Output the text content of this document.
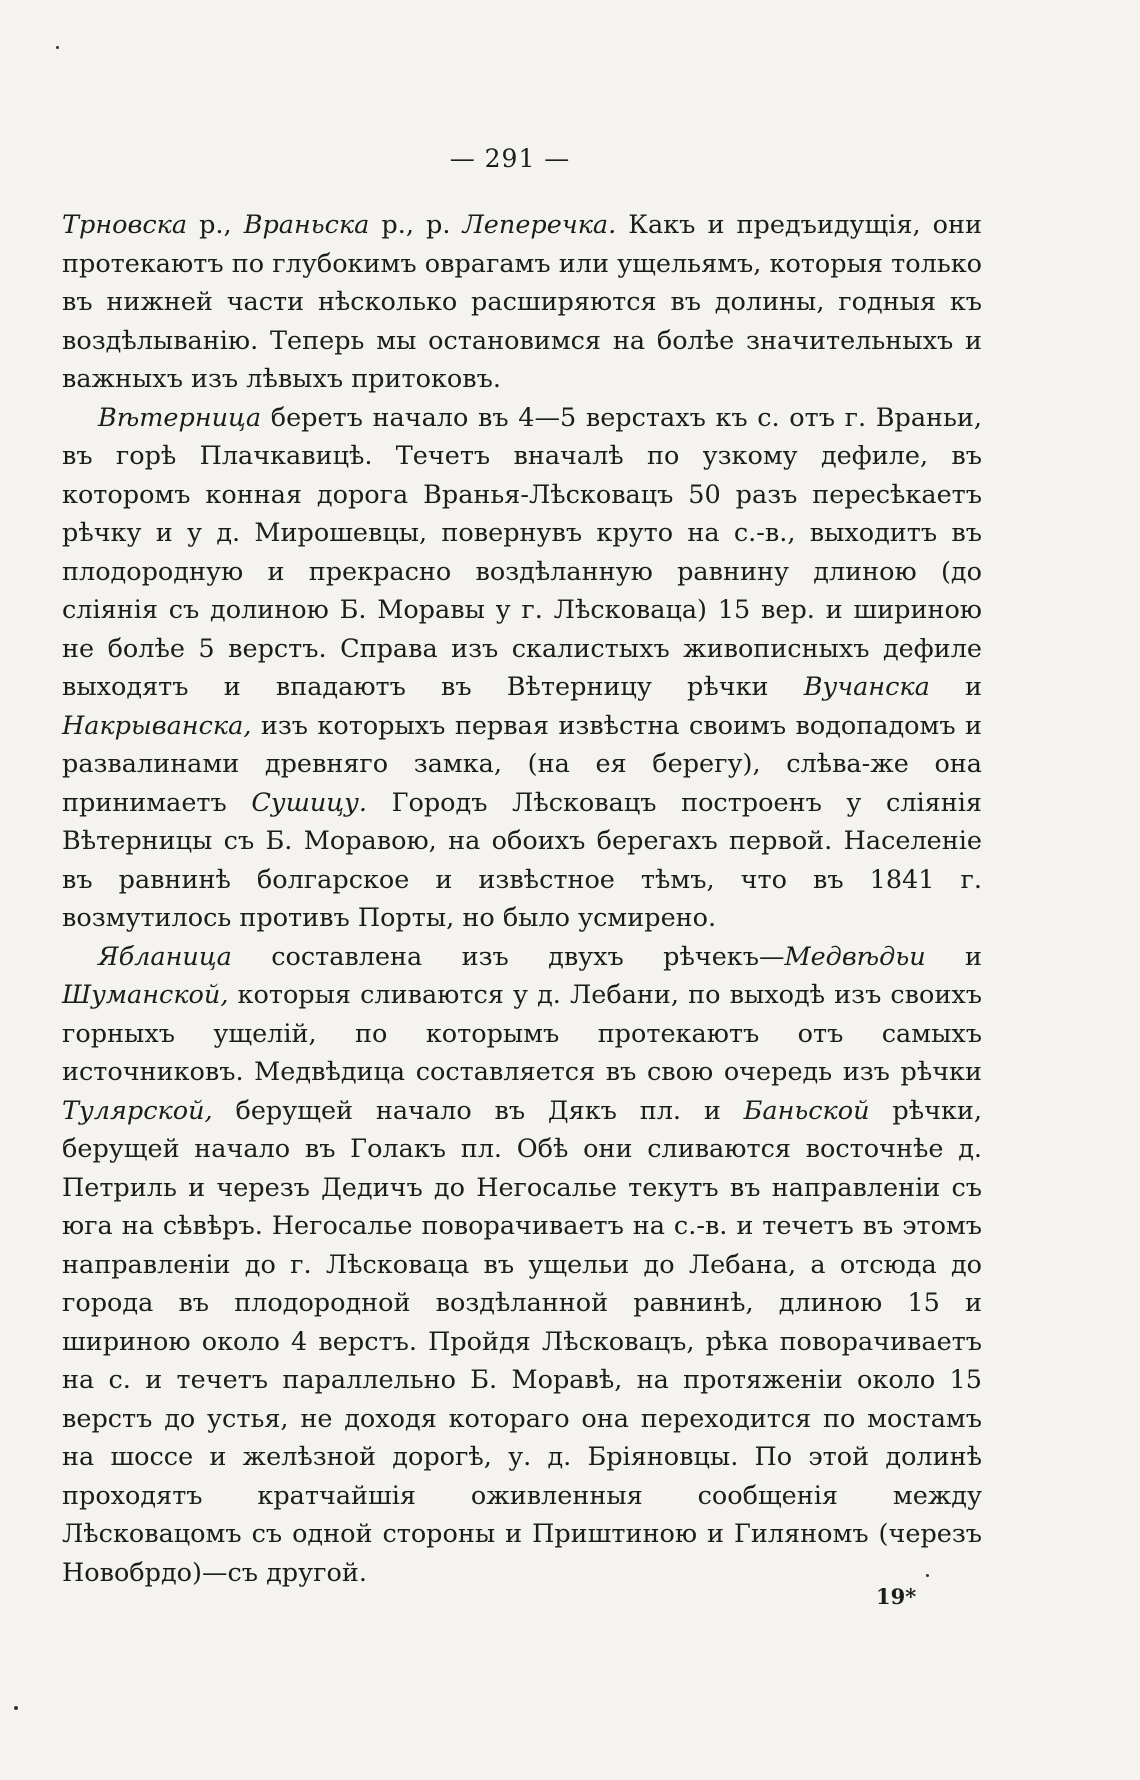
— 291 —

Трновска р., Враньска р., р. Леперечка. Какъ и предъидущія, они протекаютъ по глубокимъ оврагамъ или ущельямъ, которыя только въ нижней части нѣсколько расширяются въ долины, годныя къ воздѣлыванію. Теперь мы остановимся на болѣе значительныхъ и важныхъ изъ лѣвыхъ притоковъ.

Вѣтерница беретъ начало въ 4—5 верстахъ къ с. отъ г. Враньи, въ горѣ Плачкавицѣ. Течетъ вначалѣ по узкому дефиле, въ которомъ конная дорога Вранья-Лѣсковацъ 50 разъ пересѣкаетъ рѣчку и у д. Мирошевцы, повернувъ круто на с.-в., выходитъ въ плодородную и прекрасно воздѣланную равнину длиною (до сліянія съ долиною Б. Моравы у г. Лѣсковаца) 15 вер. и шириною не болѣе 5 верстъ. Справа изъ скалистыхъ живописныхъ дефиле выходятъ и впадаютъ въ Вѣтерницу рѣчки Вучанска и Накрыванска, изъ которыхъ первая извѣстна своимъ водопадомъ и развалинами древняго замка, (на ея берегу), слѣва-же она принимаетъ Сушицу. Городъ Лѣсковацъ построенъ у сліянія Вѣтерницы съ Б. Моравою, на обоихъ берегахъ первой. Населеніе въ равнинѣ болгарское и извѣстное тѣмъ, что въ 1841 г. возмутилось противъ Порты, но было усмирено.

Ябланица составлена изъ двухъ рѣчекъ—Медвѣдьи и Шуманской, которыя сливаются у д. Лебани, по выходѣ изъ своихъ горныхъ ущелій, по которымъ протекаютъ отъ самыхъ источниковъ. Медвѣдица составляется въ свою очередь изъ рѣчки Тулярской, берущей начало въ Дякъ пл. и Баньской рѣчки, берущей начало въ Голакъ пл. Обѣ они сливаются восточнѣе д. Петриль и черезъ Дедичъ до Негосалье текутъ въ направленіи съ юга на сѣвѣръ. Негосалье поворачиваетъ на с.-в. и течетъ въ этомъ направленіи до г. Лѣсковаца въ ущельи до Лебана, а отсюда до города въ плодородной воздѣланной равнинѣ, длиною 15 и шириною около 4 верстъ. Пройдя Лѣсковацъ, рѣка поворачиваетъ на с. и течетъ параллельно Б. Моравѣ, на протяженіи около 15 верстъ до устья, не доходя котораго она переходится по мостамъ на шоссе и желѣзной дорогѣ, у. д. Бріяновцы. По этой долинѣ проходятъ кратчайшія оживленныя сообщенія между Лѣсковацомъ съ одной стороны и Приштиною и Гиляномъ (черезъ Новобрдо)—съ другой.

19*
